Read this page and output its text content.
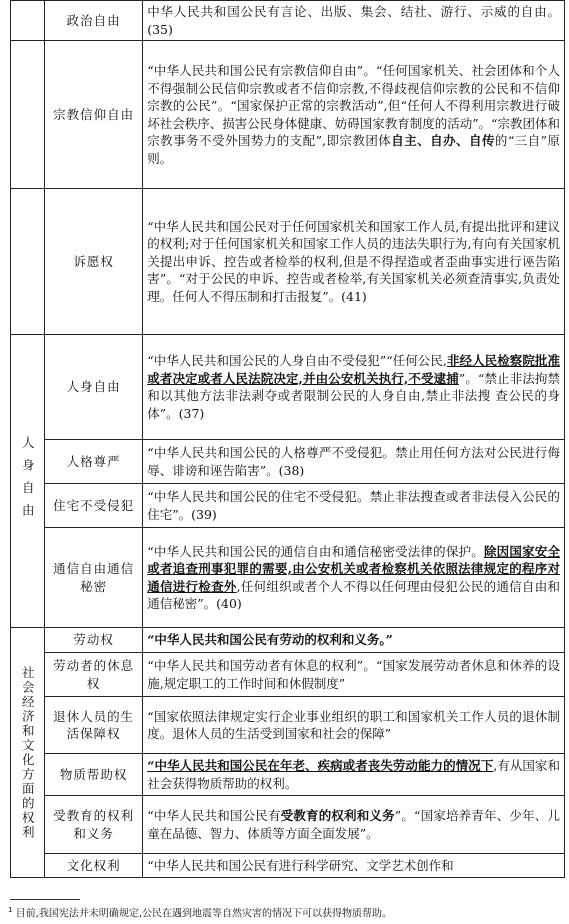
	政治自由	中华人民共和国公民有言论、出版、集会、结社、游行、示威的自由。(35)
	宗教信仰自由	“中华人民共和国公民有宗教信仰自由”。“任何国家机关、社会团体和个人不得强制公民信仰宗教或者不信仰宗教,不得歧视信仰宗教的公民和不信仰宗教的公民”。“国家保护正常的宗教活动”,但“任何人不得利用宗教进行破坏社会秩序、损害公民身体健康、妨碍国家教育制度的活动”。“宗教团体和宗教事务不受外国势力的支配”,即宗教团体自主、自办、自传的“三自”原则。
	诉愿权	“中华人民共和国公民对于任何国家机关和国家工作人员,有提出批评和建议的权利;对于任何国家机关和国家工作人员的违法失职行为,有向有关国家机关提出申诉、控告或者检举的权利,但是不得捏造或者歪曲事实进行诬告陷害”。“对于公民的申诉、控告或者检举,有关国家机关必须查清事实,负责处理。任何人不得压制和打击报复”。(41)

人身自由	人身自由	“中华人民共和国公民的人身自由不受侵犯”“任何公民,非经人民检察院批准或者决定或者人民法院决定,并由公安机关执行,不受逮捕”。“禁止非法拘禁和以其他方法非法剥夺或者限制公民的人身自由,禁止非法搜 查公民的身体”。(37)
	人格尊严	“中华人民共和国公民的人格尊严不受侵犯。禁止用任何方法对公民进行侮辱、诽谤和诬告陷害”。(38)
	住宅不受侵犯	“中华人民共和国公民的住宅不受侵犯。禁止非法搜查或者非法侵入公民的住宅”。(39)
	通信自由通信秘密	“中华人民共和国公民的通信自由和通信秘密受法律的保护。除因国家安全或者追查刑事犯罪的需要,由公安机关或者检察机关依照法律规定的程序对通信进行检查外,任何组织或者个人不得以任何理由侵犯公民的通信自由和通信秘密”。(40)

社会经济和文化方面的权利	劳动权	“中华人民共和国公民有劳动的权利和义务。”
	劳动者的休息权	“中华人民共和国劳动者有休息的权利”。“国家发展劳动者休息和休养的设施,规定职工的工作时间和休假制度”
	退休人员的生活保障权	“国家依照法律规定实行企业事业组织的职工和国家机关工作人员的退休制度。退休人员的生活受到国家和社会的保障”
	物质帮助权	“中华人民共和国公民在年老、疾病或者丧失劳动能力的情况下,有从国家和社会获得物质帮助的权利。
	受教育的权利和义务	“中华人民共和国公民有受教育的权利和义务”。“国家培养青年、少年、儿童在品德、智力、体质等方面全面发展”。
	文化权利	“中华人民共和国公民有进行科学研究、文学艺术创作和
$^1$ 目前,我国宪法并未明确规定,公民在遇到地震等自然灾害的情况下可以获得物质帮助。
